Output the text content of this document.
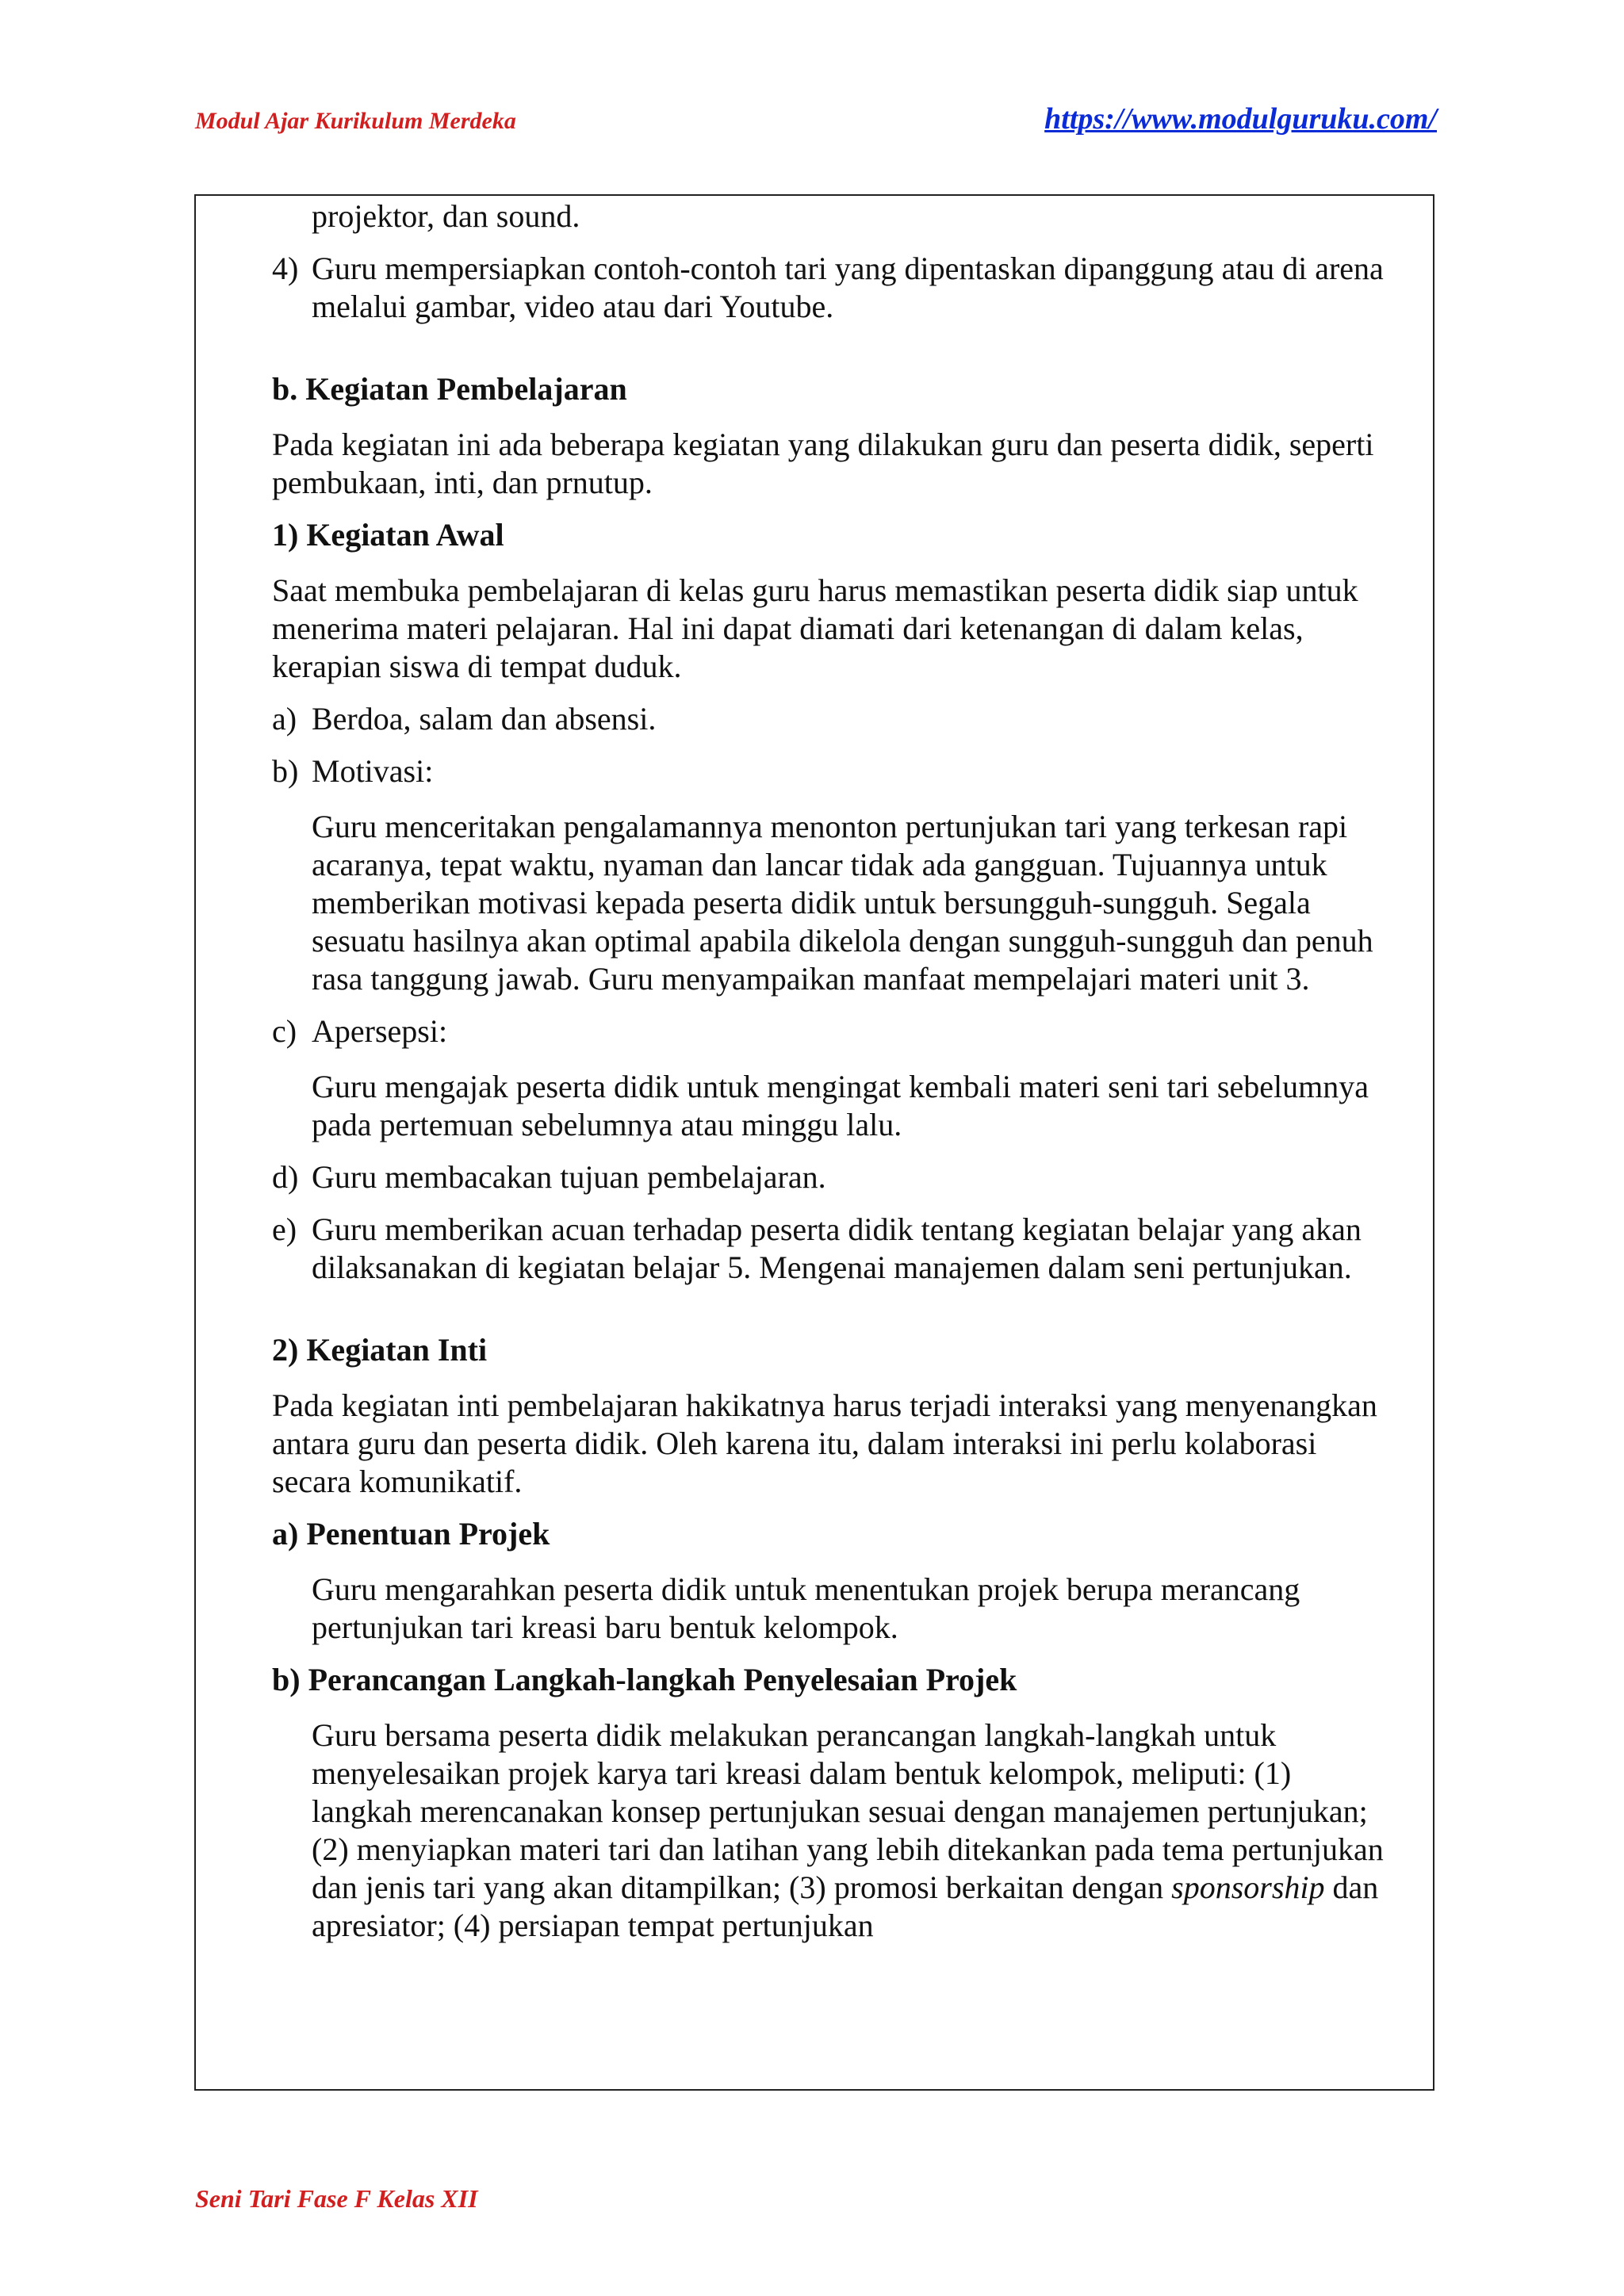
Modul Ajar Kurikulum Merdeka	https://www.modulguruku.com/

projektor, dan sound.

4) Guru mempersiapkan contoh-contoh tari yang dipentaskan dipanggung atau di arena melalui gambar, video atau dari Youtube.

b. Kegiatan Pembelajaran

Pada kegiatan ini ada beberapa kegiatan yang dilakukan guru dan peserta didik, seperti pembukaan, inti, dan prnutup.

1) Kegiatan Awal

Saat membuka pembelajaran di kelas guru harus memastikan peserta didik siap untuk menerima materi pelajaran. Hal ini dapat diamati dari ketenangan di dalam kelas, kerapian siswa di tempat duduk.

a) Berdoa, salam dan absensi.
b) Motivasi:

Guru menceritakan pengalamannya menonton pertunjukan tari yang terkesan rapi acaranya, tepat waktu, nyaman dan lancar tidak ada gangguan. Tujuannya untuk memberikan motivasi kepada peserta didik untuk bersungguh-sungguh. Segala sesuatu hasilnya akan optimal apabila dikelola dengan sungguh-sungguh dan penuh rasa tanggung jawab. Guru menyampaikan manfaat mempelajari materi unit 3.

c) Apersepsi:

Guru mengajak peserta didik untuk mengingat kembali materi seni tari sebelumnya pada pertemuan sebelumnya atau minggu lalu.

d) Guru membacakan tujuan pembelajaran.
e) Guru memberikan acuan terhadap peserta didik tentang kegiatan belajar yang akan dilaksanakan di kegiatan belajar 5. Mengenai manajemen dalam seni pertunjukan.

2) Kegiatan Inti

Pada kegiatan inti pembelajaran hakikatnya harus terjadi interaksi yang menyenangkan antara guru dan peserta didik. Oleh karena itu, dalam interaksi ini perlu kolaborasi secara komunikatif.

a) Penentuan Projek

Guru mengarahkan peserta didik untuk menentukan projek berupa merancang pertunjukan tari kreasi baru bentuk kelompok.

b) Perancangan Langkah-langkah Penyelesaian Projek

Guru bersama peserta didik melakukan perancangan langkah-langkah untuk menyelesaikan projek karya tari kreasi dalam bentuk kelompok, meliputi: (1) langkah merencanakan konsep pertunjukan sesuai dengan manajemen pertunjukan; (2) menyiapkan materi tari dan latihan yang lebih ditekankan pada tema pertunjukan dan jenis tari yang akan ditampilkan; (3) promosi berkaitan dengan sponsorship dan apresiator; (4) persiapan tempat pertunjukan

Seni Tari Fase F Kelas XII
